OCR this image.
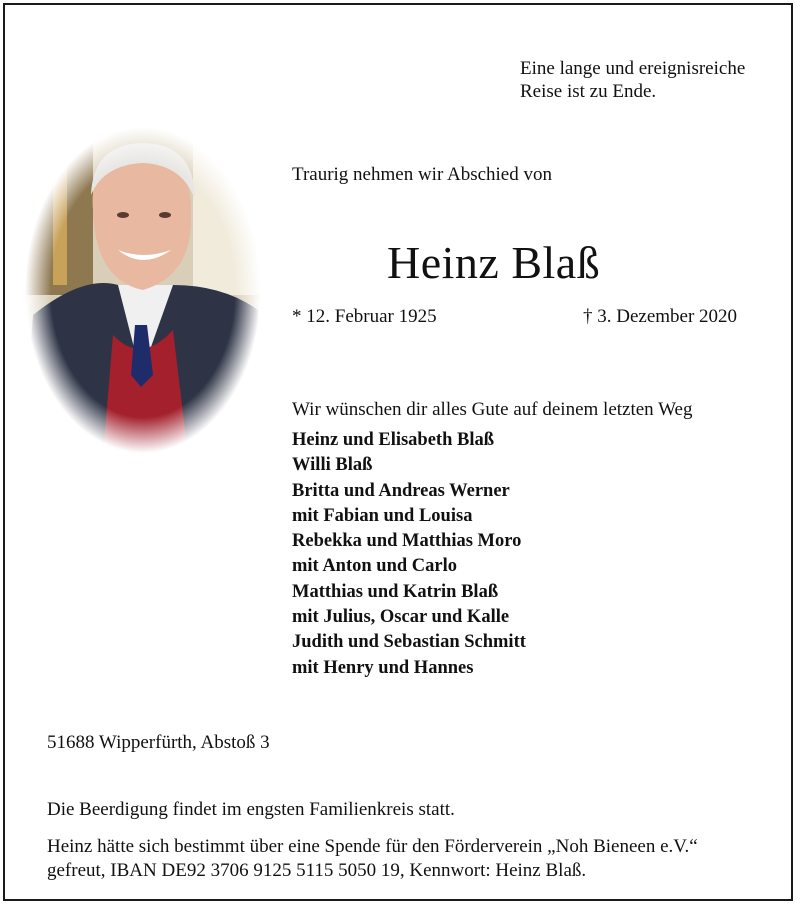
Eine lange und ereignisreiche
Reise ist zu Ende.
Traurig nehmen wir Abschied von
Heinz Blaß
* 12. Februar 1925	† 3. Dezember 2020
Wir wünschen dir alles Gute auf deinem letzten Weg
Heinz und Elisabeth Blaß
Willi Blaß
Britta und Andreas Werner
mit Fabian und Louisa
Rebekka und Matthias Moro
mit Anton und Carlo
Matthias und Katrin Blaß
mit Julius, Oscar und Kalle
Judith und Sebastian Schmitt
mit Henry und Hannes
51688 Wipperfürth, Abstoß 3
Die Beerdigung findet im engsten Familienkreis statt.
Heinz hätte sich bestimmt über eine Spende für den Förderverein „Noh Bieneen e.V.“
gefreut, IBAN DE92 3706 9125 5115 5050 19, Kennwort: Heinz Blaß.
